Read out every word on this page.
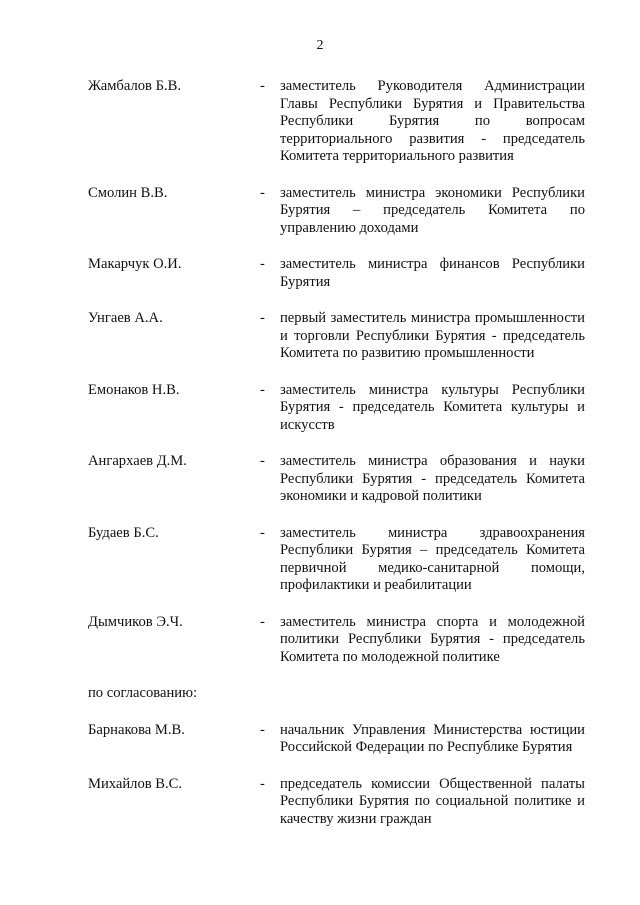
2
Жамбалов Б.В.	- заместитель Руководителя Администрации Главы Республики Бурятия и Правительства Республики Бурятия по вопросам территориального развития - председатель Комитета территориального развития
Смолин В.В.	- заместитель министра экономики Республики Бурятия – председатель Комитета по управлению доходами
Макарчук О.И.	- заместитель министра финансов Республики Бурятия
Унгаев А.А.	- первый заместитель министра промышленности и торговли Республики Бурятия - председатель Комитета по развитию промышленности
Емонаков Н.В.	- заместитель министра культуры Республики Бурятия - председатель Комитета культуры и искусств
Ангархаев Д.М.	- заместитель министра образования и науки Республики Бурятия - председатель Комитета экономики и кадровой политики
Будаев Б.С.	- заместитель министра здравоохранения Республики Бурятия – председатель Комитета первичной медико-санитарной помощи, профилактики и реабилитации
Дымчиков Э.Ч.	- заместитель министра спорта и молодежной политики Республики Бурятия - председатель Комитета по молодежной политике
по согласованию:
Барнакова М.В.	- начальник Управления Министерства юстиции Российской Федерации по Республике Бурятия
Михайлов В.С.	- председатель комиссии Общественной палаты Республики Бурятия по социальной политике и качеству жизни граждан
